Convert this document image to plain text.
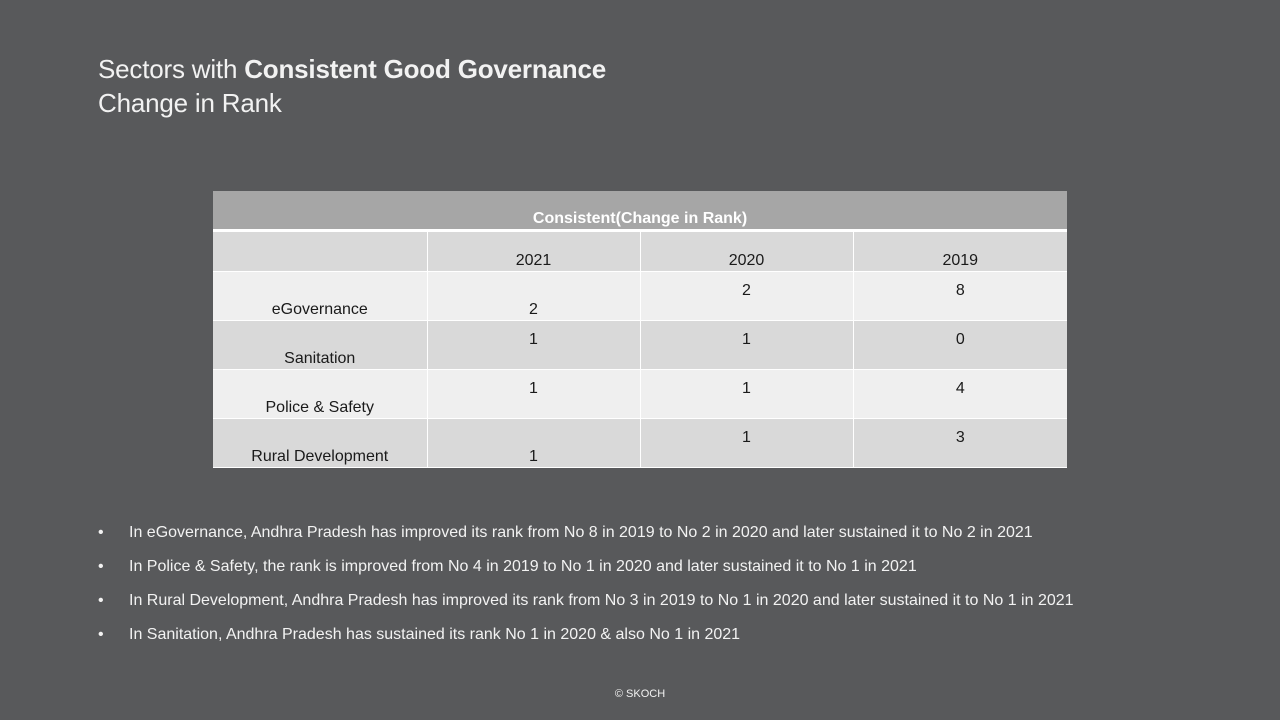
Sectors with Consistent Good Governance
Change in Rank
Consistent(Change in Rank)			
	2021	2020	2019
eGovernance	2	2	8
Sanitation	1	1	0
Police & Safety	1	1	4
Rural Development	1	1	3
• In eGovernance, Andhra Pradesh has improved its rank from No 8 in 2019 to No 2 in 2020 and later sustained it to No 2 in 2021
• In Police & Safety, the rank is improved from No 4 in 2019 to No 1 in 2020 and later sustained it to No 1 in 2021
• In Rural Development, Andhra Pradesh has improved its rank from No 3 in 2019 to No 1 in 2020 and later sustained it to No 1 in 2021
• In Sanitation, Andhra Pradesh has sustained its rank No 1 in 2020 & also No 1 in 2021
© SKOCH
